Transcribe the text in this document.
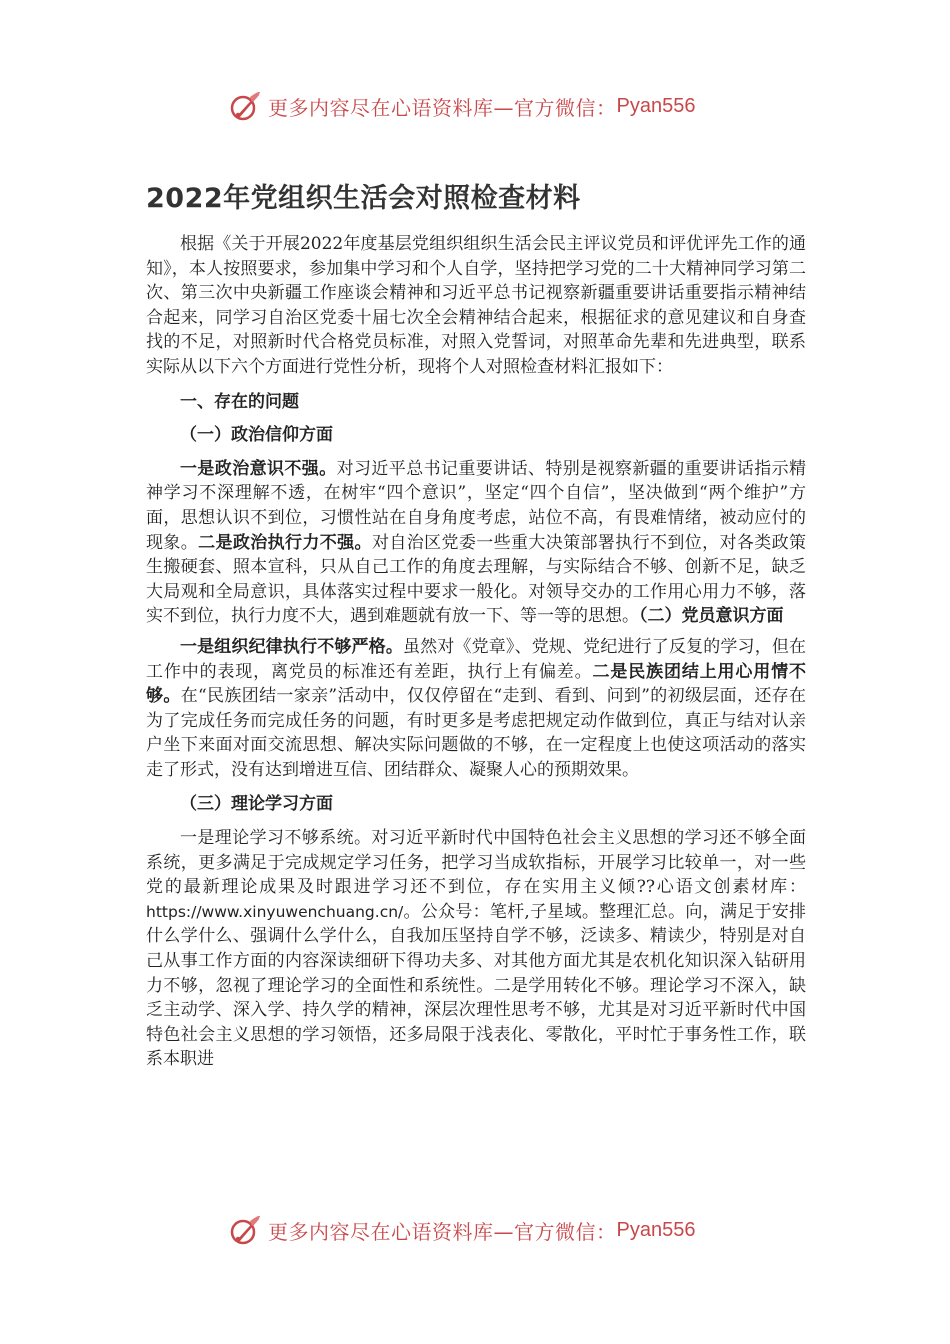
更多内容尽在心语资料库—官方微信： Pyan556
2022年党组织生活会对照检查材料

根据《关于开展2022年度基层党组织组织生活会民主评议党员和评优评先工作的通知》，本人按照要求，参加集中学习和个人自学，坚持把学习党的二十大精神同学习第二次、第三次中央新疆工作座谈会精神和习近平总书记视察新疆重要讲话重要指示精神结合起来，同学习自治区党委十届七次全会精神结合起来，根据征求的意见建议和自身查找的不足，对照新时代合格党员标准，对照入党誓词，对照革命先辈和先进典型，联系实际从以下六个方面进行党性分析，现将个人对照检查材料汇报如下：

一、存在的问题

（一）政治信仰方面

一是政治意识不强。对习近平总书记重要讲话、特别是视察新疆的重要讲话指示精神学习不深理解不透，在树牢“四个意识”，坚定“四个自信”，坚决做到“两个维护”方面，思想认识不到位，习惯性站在自身角度考虑，站位不高，有畏难情绪，被动应付的现象。二是政治执行力不强。对自治区党委一些重大决策部署执行不到位，对各类政策生搬硬套、照本宣科，只从自己工作的角度去理解，与实际结合不够、创新不足，缺乏大局观和全局意识，具体落实过程中要求一般化。对领导交办的工作用心用力不够，落实不到位，执行力度不大，遇到难题就有放一下、等一等的思想。（二）党员意识方面

一是组织纪律执行不够严格。虽然对《党章》、党规、党纪进行了反复的学习，但在工作中的表现，离党员的标准还有差距，执行上有偏差。二是民族团结上用心用情不够。在“民族团结一家亲”活动中，仅仅停留在“走到、看到、问到”的初级层面，还存在为了完成任务而完成任务的问题，有时更多是考虑把规定动作做到位，真正与结对认亲户坐下来面对面交流思想、解决实际问题做的不够，在一定程度上也使这项活动的落实走了形式，没有达到增进互信、团结群众、凝聚人心的预期效果。

（三）理论学习方面

一是理论学习不够系统。对习近平新时代中国特色社会主义思想的学习还不够全面系统，更多满足于完成规定学习任务，把学习当成软指标，开展学习比较单一，对一些党的最新理论成果及时跟进学习还不到位，存在实用主义倾??心语文创素材库：https://www.xinyuwenchuang.cn/。公众号：笔杆,子星域。整理汇总。向，满足于安排什么学什么、强调什么学什么，自我加压坚持自学不够，泛读多、精读少，特别是对自己从事工作方面的内容深读细研下得功夫多、对其他方面尤其是农机化知识深入钻研用力不够，忽视了理论学习的全面性和系统性。二是学用转化不够。理论学习不深入，缺乏主动学、深入学、持久学的精神，深层次理性思考不够，尤其是对习近平新时代中国特色社会主义思想的学习领悟，还多局限于浅表化、零散化，平时忙于事务性工作，联系本职进

更多内容尽在心语资料库—官方微信： Pyan556
